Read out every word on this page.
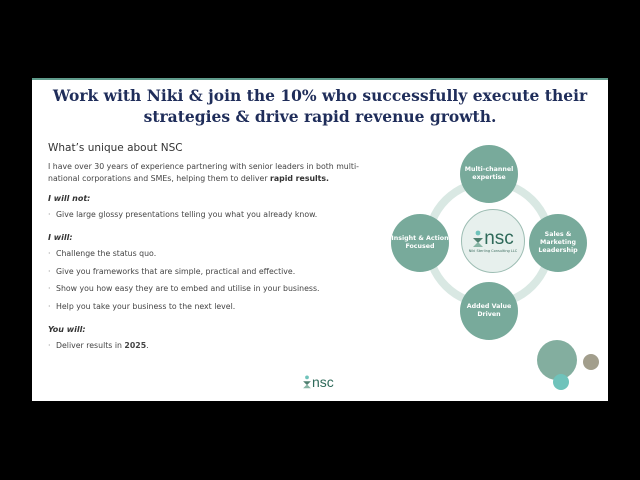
Work with Niki & join the 10% who successfully execute their
strategies & drive rapid revenue growth.
What’s unique about NSC
I have over 30 years of experience partnering with senior leaders in both multi-national corporations and SMEs, helping them to deliver rapid results.
I will not:
· Give large glossy presentations telling you what you already know.
I will:
· Challenge the status quo.
· Give you frameworks that are simple, practical and effective.
· Show you how easy they are to embed and utilise in your business.
· Help you take your business to the next level.
You will:
· Deliver results in 2025.
Multi-channel expertise
Sales & Marketing Leadership
Added Value Driven
Insight & Action Focused	nsc
Niki Sterling Consulting LLC
nsc
